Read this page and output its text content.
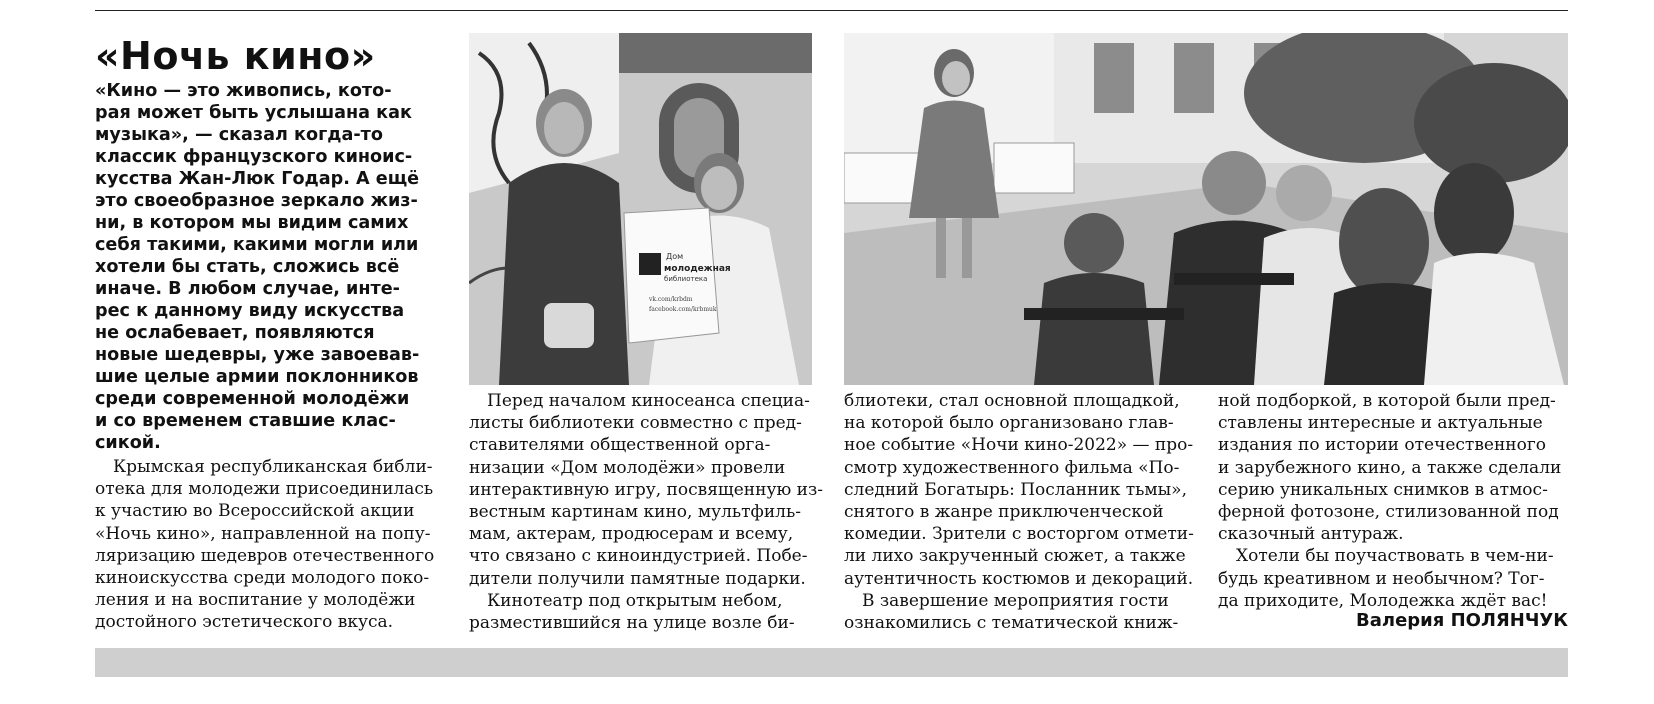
«Ночь кино»
«Кино — это живопись, кото-
рая может быть услышана как
музыка», — сказал когда-то
классик французского киноис-
кусства Жан-Люк Годар. А ещё
это своеобразное зеркало жиз-
ни, в котором мы видим самих
себя такими, какими могли или
хотели бы стать, сложись всё
иначе. В любом случае, инте-
рес к данному виду искусства
не ослабевает, появляются
новые шедевры, уже завоевав-
шие целые армии поклонников
среди современной молодёжи
и со временем ставшие клас-
сикой.
Крымская республиканская библи-
отека для молодежи присоединилась
к участию во Всероссийской акции
«Ночь кино», направленной на попу-
ляризацию шедевров отечественного
киноискусства среди молодого поко-
ления и на воспитание у молодёжи
достойного эстетического вкуса.
Дом
молодежная
библиотека
vk.com/krbdm
facebook.com/krbmuk
Перед началом киносеанса специа-
листы библиотеки совместно с пред-
ставителями общественной орга-
низации «Дом молодёжи» провели
интерактивную игру, посвященную из-
вестным картинам кино, мультфиль-
мам, актерам, продюсерам и всему,
что связано с киноиндустрией. Побе-
дители получили памятные подарки.
Кинотеатр под открытым небом,
разместившийся на улице возле би-
блиотеки, стал основной площадкой,
на которой было организовано глав-
ное событие «Ночи кино-2022» — про-
смотр художественного фильма «По-
следний Богатырь: Посланник тьмы»,
снятого в жанре приключенческой
комедии. Зрители с восторгом отмети-
ли лихо закрученный сюжет, а также
аутентичность костюмов и декораций.
В завершение мероприятия гости
ознакомились с тематической книж-
ной подборкой, в которой были пред-
ставлены интересные и актуальные
издания по истории отечественного
и зарубежного кино, а также сделали
серию уникальных снимков в атмос-
ферной фотозоне, стилизованной под
сказочный антураж.
Хотели бы поучаствовать в чем-ни-
будь креативном и необычном? Тог-
да приходите, Молодежка ждёт вас!
Валерия ПОЛЯНЧУК
